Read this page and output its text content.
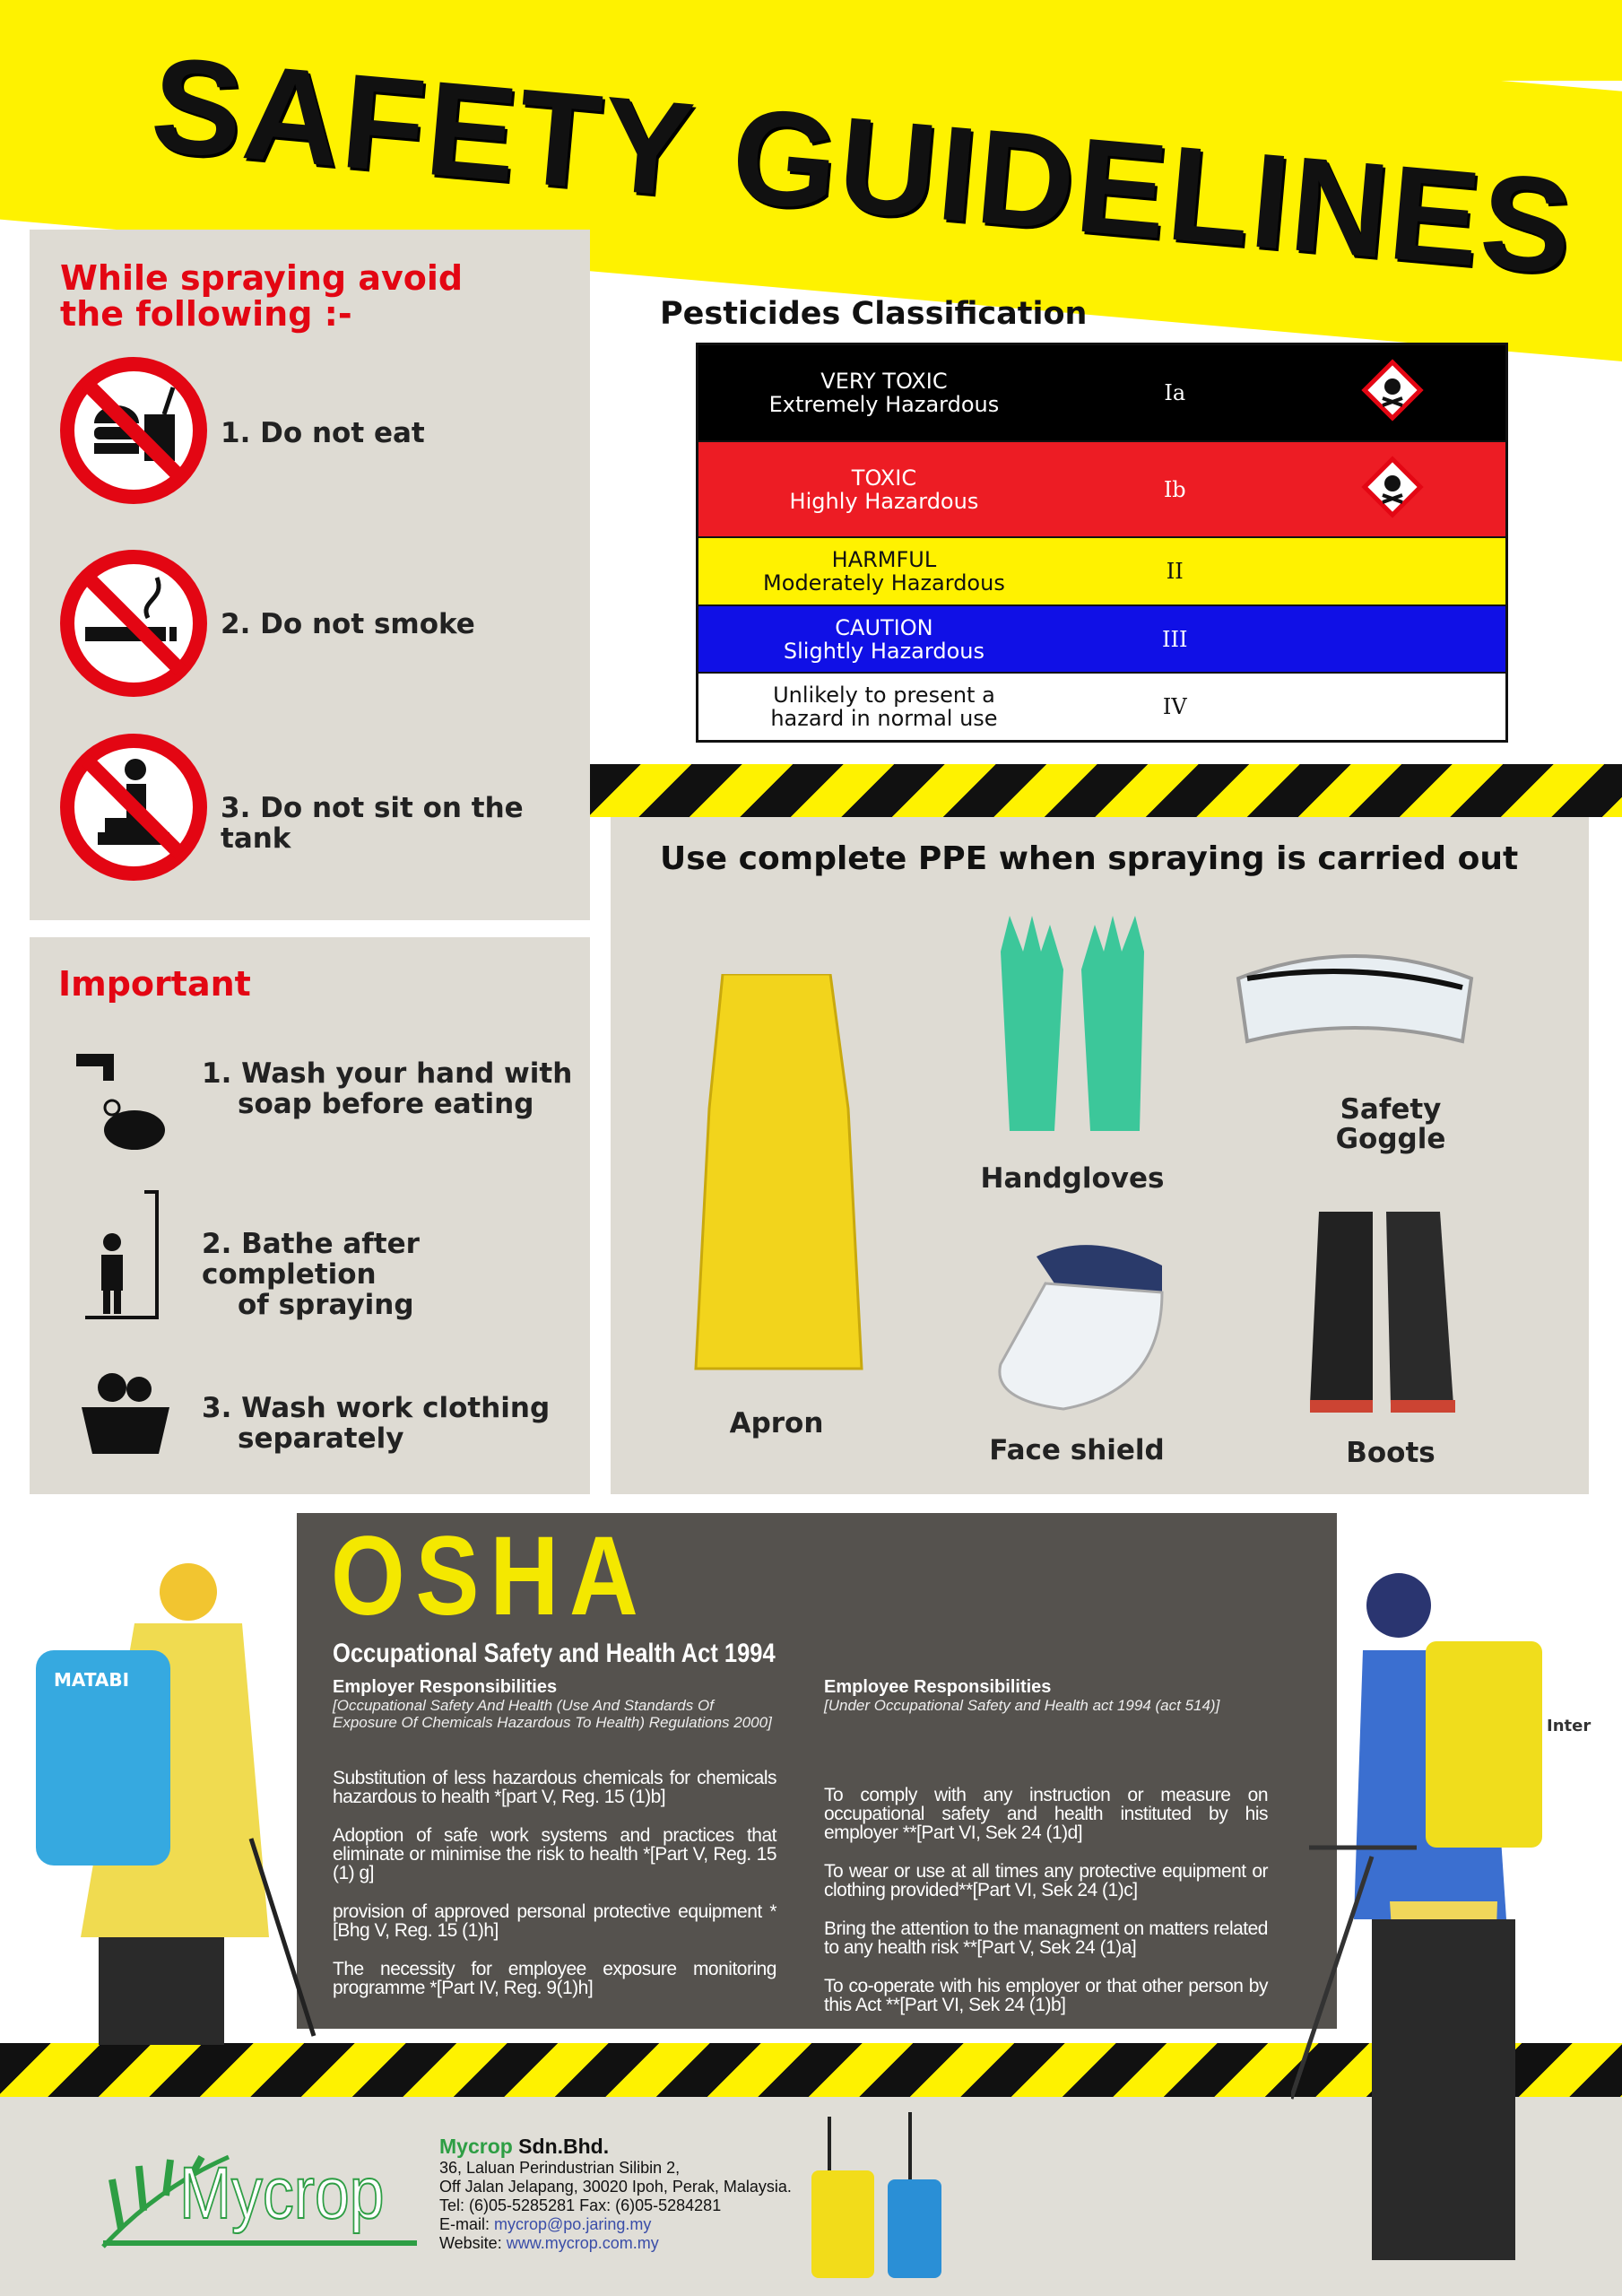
SAFETY GUIDELINES
While spraying avoid
the following :-
1. Do not eat
2. Do not smoke
3. Do not sit on the tank
Important
1. Wash your hand with
soap before eating
2. Bathe after completion
of spraying
3. Wash work clothing
separately
Pesticides Classification
VERY TOXIC
Extremely Hazardous	Ia	

TOXIC
Highly Hazardous	Ib	

HARMFUL
Moderately Hazardous	II	

CAUTION
Slightly Hazardous	III	

Unlikely to present a
hazard in normal use	IV	
Use complete PPE when spraying is carried out
Apron
Handgloves
Safety
Goggle
Face shield	Boots
OSHA
Occupational Safety and Health Act 1994
Employer Responsibilities
[Occupational Safety And Health (Use And Standards Of Exposure Of Chemicals Hazardous To Health) Regulations 2000]

Substitution of less hazardous chemicals for chemicals hazardous to health *[part V, Reg. 15 (1)b]

Adoption of safe work systems and practices that eliminate or minimise the risk to health *[Part V, Reg. 15 (1) g]

provision of approved personal protective equipment *[Bhg V, Reg. 15 (1)h]

The necessity for employee exposure monitoring programme *[Part IV, Reg. 9(1)h]

Employee Responsibilities
[Under Occupational Safety and Health act 1994 (act 514)]

To comply with any instruction or measure on occupational safety and health instituted by his employer **[Part VI, Sek 24 (1)d]

To wear or use at all times any protective equipment or clothing provided**[Part VI, Sek 24 (1)c]

Bring the attention to the managment on matters related to any health risk **[Part V, Sek 24 (1)a]

To co-operate with his employer or that other person by this Act **[Part VI, Sek 24 (1)b]

MATABI
Inter
Mycrop
Mycrop Sdn.Bhd.
36, Laluan Perindustrian Silibin 2,
Off Jalan Jelapang, 30020 Ipoh, Perak, Malaysia.
Tel: (6)05-5285281 Fax: (6)05-5284281
E-mail: mycrop@po.jaring.my
Website: www.mycrop.com.my
